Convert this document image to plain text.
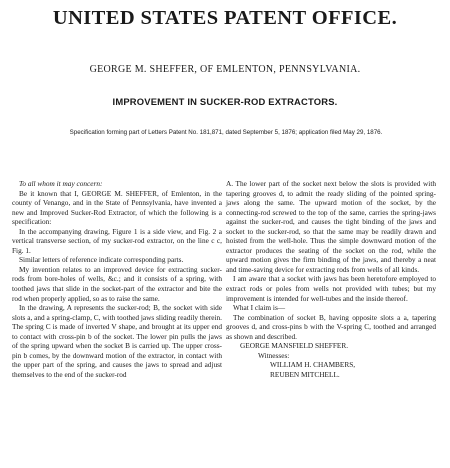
UNITED STATES PATENT OFFICE.
GEORGE M. SHEFFER, OF EMLENTON, PENNSYLVANIA.
IMPROVEMENT IN SUCKER-ROD EXTRACTORS.
Specification forming part of Letters Patent No. 181,871, dated September 5, 1876; application filed May 29, 1876.

To all whom it may concern:

Be it known that I, GEORGE M. SHEFFER, of Emlenton, in the county of Venango, and in the State of Pennsylvania, have invented a new and Improved Sucker-Rod Extractor, of which the following is a specification:

In the accompanying drawing, Figure 1 is a side view, and Fig. 2 a vertical transverse section, of my sucker-rod extractor, on the line c c, Fig. 1.

Similar letters of reference indicate corresponding parts.

My invention relates to an improved device for extracting sucker-rods from bore-holes of wells, &c.; and it consists of a spring, with toothed jaws that slide in the socket-part of the extractor and bite the rod when properly applied, so as to raise the same.

In the drawing, A represents the sucker-rod; B, the socket with side slots a, and a spring-clamp, C, with toothed jaws sliding readily therein. The spring C is made of inverted V shape, and brought at its upper end to contact with cross-pin b of the socket. The lower pin pulls the jaws of the spring upward when the socket B is carried up. The upper cross-pin b comes, by the downward motion of the extractor, in contact with the upper part of the spring, and causes the jaws to spread and adjust themselves to the end of the sucker-rod

A. The lower part of the socket next below the slots is provided with tapering grooves d, to admit the ready sliding of the pointed spring-jaws along the same. The upward motion of the socket, by the connecting-rod screwed to the top of the same, carries the spring-jaws against the sucker-rod, and causes the tight binding of the jaws and socket to the sucker-rod, so that the same may be readily drawn and hoisted from the well-hole. Thus the simple downward motion of the extractor produces the seating of the socket on the rod, while the upward motion gives the firm binding of the jaws, and thereby a neat and time-saving device for extracting rods from wells of all kinds.

I am aware that a socket with jaws has been heretofore employed to extract rods or poles from wells not provided with tubes; but my improvement is intended for well-tubes and the inside thereof.

What I claim is—

The combination of socket B, having opposite slots a a, tapering grooves d, and cross-pins b with the V-spring C, toothed and arranged as shown and described.

GEORGE MANSFIELD SHEFFER.

Witnesses:

WILLIAM H. CHAMBERS,

REUBEN MITCHELL.
